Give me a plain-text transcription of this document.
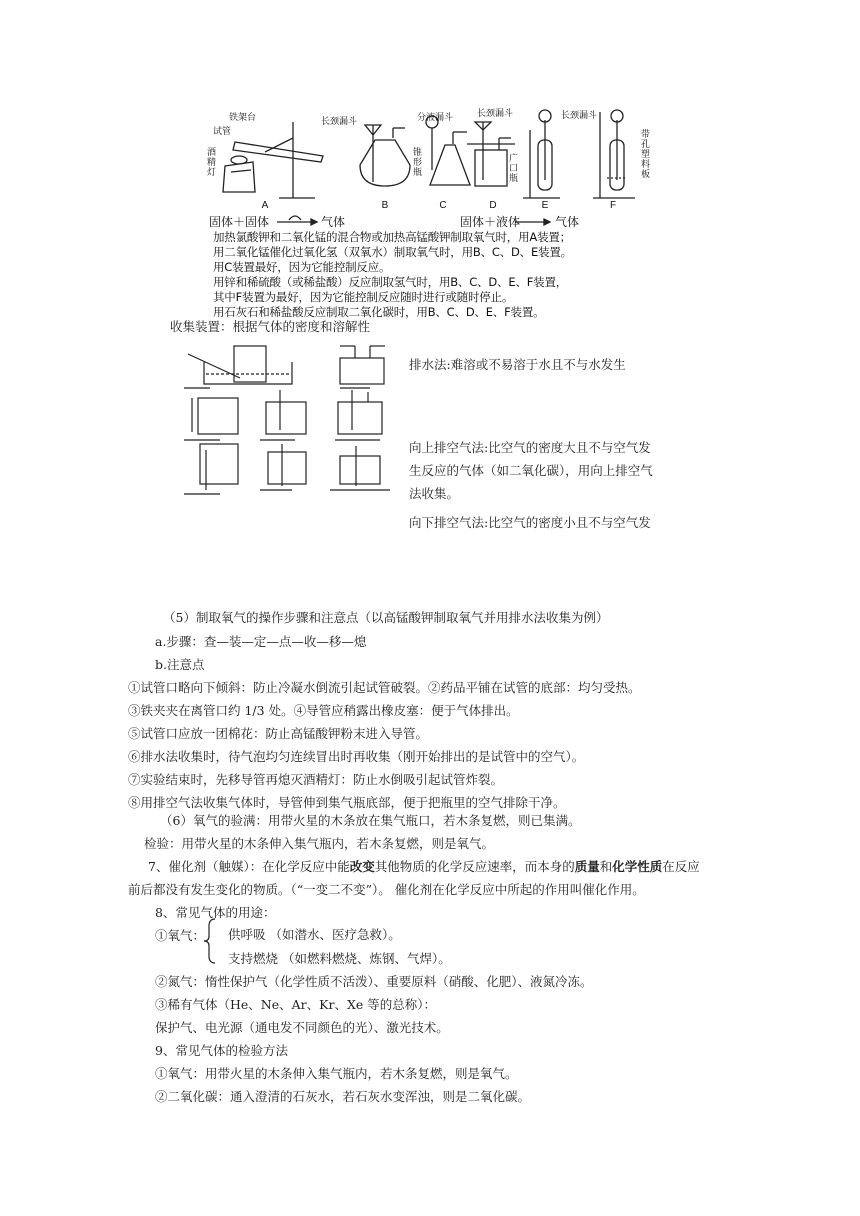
A	B	C	D	E	F
固体＋固体	气体	固体＋液体	气体
试管
铁架台
酒精灯
长颈漏斗	分液漏斗
锥形瓶
长颈漏斗
广口瓶
长颈漏斗
带孔塑料板
加热氯酸钾和二氧化锰的混合物或加热高锰酸钾制取氧气时，用A装置；
用二氧化锰催化过氧化氢（双氧水）制取氧气时，用B、C、D、E装置。
用C装置最好，因为它能控制反应。
用锌和稀硫酸（或稀盐酸）反应制取氢气时，用B、C、D、E、F装置，
其中F装置为最好，因为它能控制反应随时进行或随时停止。
用石灰石和稀盐酸反应制取二氧化碳时，用B、C、D、E、F装置。
收集装置：根据气体的密度和溶解性
排水法:难溶或不易溶于水且不与水发生
向上排空气法:比空气的密度大且不与空气发
生反应的气体（如二氧化碳），用向上排空气
法收集。
向下排空气法:比空气的密度小且不与空气发
（5）制取氧气的操作步骤和注意点（以高锰酸钾制取氧气并用排水法收集为例）
a.步骤：查—装—定—点—收—移—熄
b.注意点
①试管口略向下倾斜：防止冷凝水倒流引起试管破裂。②药品平铺在试管的底部：均匀受热。
③铁夹夹在离管口约 1/3 处。④导管应稍露出橡皮塞：便于气体排出。
⑤试管口应放一团棉花：防止高锰酸钾粉末进入导管。
⑥排水法收集时，待气泡均匀连续冒出时再收集（刚开始排出的是试管中的空气）。
⑦实验结束时，先移导管再熄灭酒精灯：防止水倒吸引起试管炸裂。
⑧用排空气法收集气体时，导管伸到集气瓶底部，便于把瓶里的空气排除干净。
（6）氧气的验满：用带火星的木条放在集气瓶口，若木条复燃，则已集满。
检验：用带火星的木条伸入集气瓶内，若木条复燃，则是氧气。
7、催化剂（触媒）：在化学反应中能改变其他物质的化学反应速率，而本身的质量和化学性质在反应
前后都没有发生变化的物质。（“一变二不变”）。 催化剂在化学反应中所起的作用叫催化作用。
8、常见气体的用途：
①氧气： 供呼吸 （如潜水、医疗急救）。
支持燃烧 （如燃料燃烧、炼钢、气焊）。
②氮气：惰性保护气（化学性质不活泼）、重要原料（硝酸、化肥）、液氮冷冻。
③稀有气体（He、Ne、Ar、Kr、Xe 等的总称）：
保护气、电光源（通电发不同颜色的光）、激光技术。
9、常见气体的检验方法
①氧气：用带火星的木条伸入集气瓶内，若木条复燃，则是氧气。
②二氧化碳：通入澄清的石灰水，若石灰水变浑浊，则是二氧化碳。
